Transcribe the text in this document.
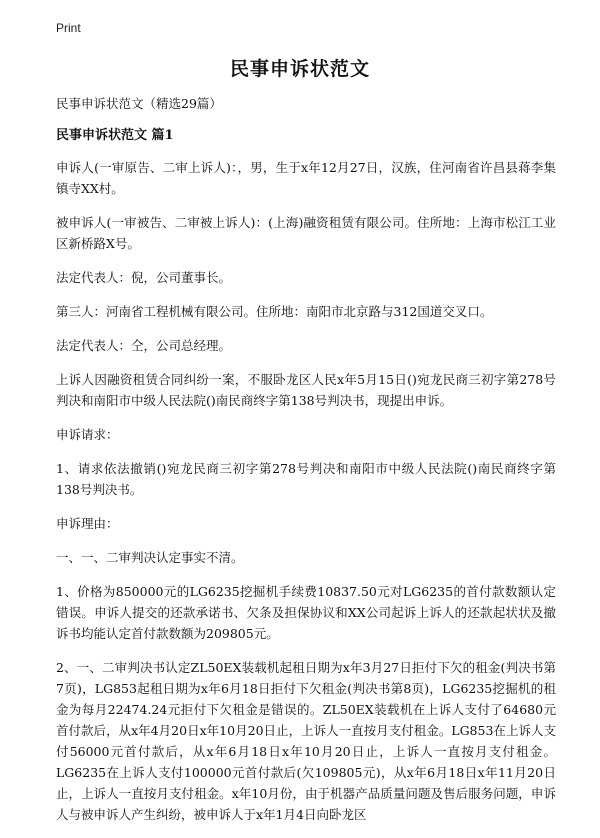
Print
民事申诉状范文

民事申诉状范文（精选29篇）

民事申诉状范文 篇1

申诉人(一审原告、二审上诉人)：，男，生于x年12月27日，汉族，住河南省许昌县蒋李集镇寺XX村。

被申诉人(一审被告、二审被上诉人)：(上海)融资租赁有限公司。住所地：上海市松江工业区新桥路X号。

法定代表人：倪，公司董事长。

第三人：河南省工程机械有限公司。住所地：南阳市北京路与312国道交叉口。

法定代表人：仝，公司总经理。

上诉人因融资租赁合同纠纷一案，不服卧龙区人民x年5月15日()宛龙民商三初字第278号判决和南阳市中级人民法院()南民商终字第138号判决书，现提出申诉。

申诉请求：

1、请求依法撤销()宛龙民商三初字第278号判决和南阳市中级人民法院()南民商终字第138号判决书。

申诉理由：

一、一、二审判决认定事实不清。

1、价格为850000元的LG6235挖掘机手续费10837.50元对LG6235的首付款数额认定错误。申诉人提交的还款承诺书、欠条及担保协议和XX公司起诉上诉人的还款起状状及撤诉书均能认定首付款数额为209805元。

2、一、二审判决书认定ZL50EX装载机起租日期为x年3月27日拒付下欠的租金(判决书第7页)，LG853起租日期为x年6月18日拒付下欠租金(判决书第8页)，LG6235挖掘机的租金为每月22474.24元拒付下欠租金是错误的。ZL50EX装载机在上诉人支付了64680元首付款后，从x年4月20日x年10月20日止，上诉人一直按月支付租金。LG853在上诉人支付56000元首付款后，从x年6月18日x年10月20日止，上诉人一直按月支付租金。LG6235在上诉人支付100000元首付款后(欠109805元)，从x年6月18日x年11月20日止，上诉人一直按月支付租金。x年10月份，由于机器产品质量问题及售后服务问题，申诉人与被申诉人产生纠纷，被申诉人于x年1月4日向卧龙区
